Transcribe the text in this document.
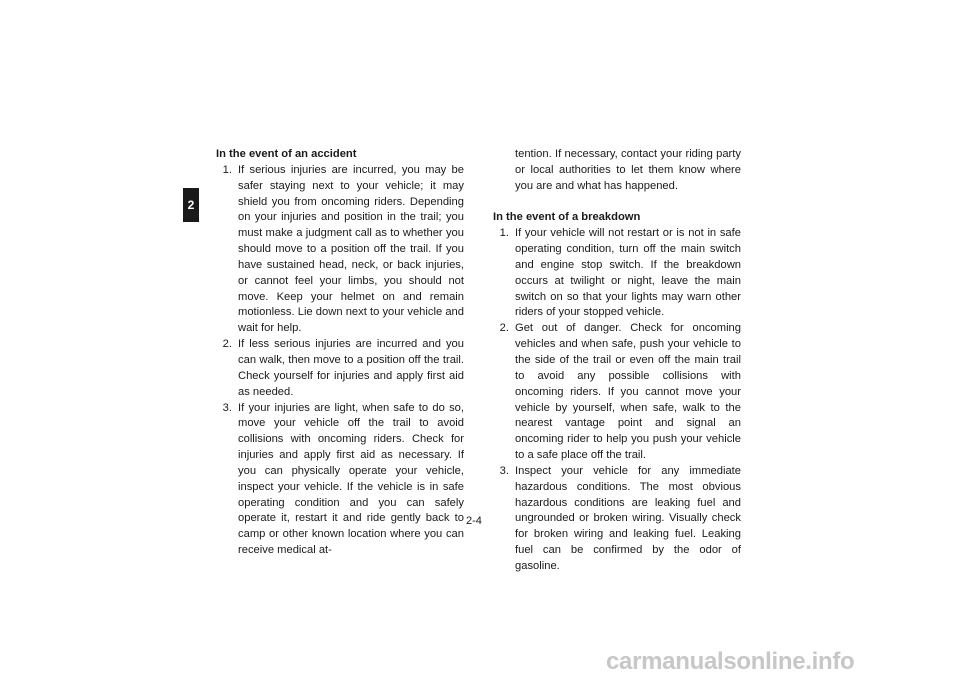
2

In the event of an accident

1. If serious injuries are incurred, you may be safer staying next to your vehicle; it may shield you from oncoming riders. Depending on your injuries and position in the trail; you must make a judgment call as to whether you should move to a position off the trail. If you have sustained head, neck, or back injuries, or cannot feel your limbs, you should not move. Keep your helmet on and remain motionless. Lie down next to your vehicle and wait for help.
2. If less serious injuries are incurred and you can walk, then move to a position off the trail. Check yourself for injuries and apply first aid as needed.
3. If your injuries are light, when safe to do so, move your vehicle off the trail to avoid collisions with oncoming riders. Check for injuries and apply first aid as necessary. If you can physically operate your vehicle, inspect your vehicle. If the vehicle is in safe operating condition and you can safely operate it, restart it and ride gently back to camp or other known location where you can receive medical at-
tention. If necessary, contact your riding party or local authorities to let them know where you are and what has happened.

In the event of a breakdown

1. If your vehicle will not restart or is not in safe operating condition, turn off the main switch and engine stop switch. If the breakdown occurs at twilight or night, leave the main switch on so that your lights may warn other riders of your stopped vehicle.
2. Get out of danger. Check for oncoming vehicles and when safe, push your vehicle to the side of the trail or even off the main trail to avoid any possible collisions with oncoming riders. If you cannot move your vehicle by yourself, when safe, walk to the nearest vantage point and signal an oncoming rider to help you push your vehicle to a safe place off the trail.
3. Inspect your vehicle for any immediate hazardous conditions. The most obvious hazardous conditions are leaking fuel and ungrounded or broken wiring. Visually check for broken wiring and leaking fuel. Leaking fuel can be confirmed by the odor of gasoline.
2-4
carmanualsonline.info
